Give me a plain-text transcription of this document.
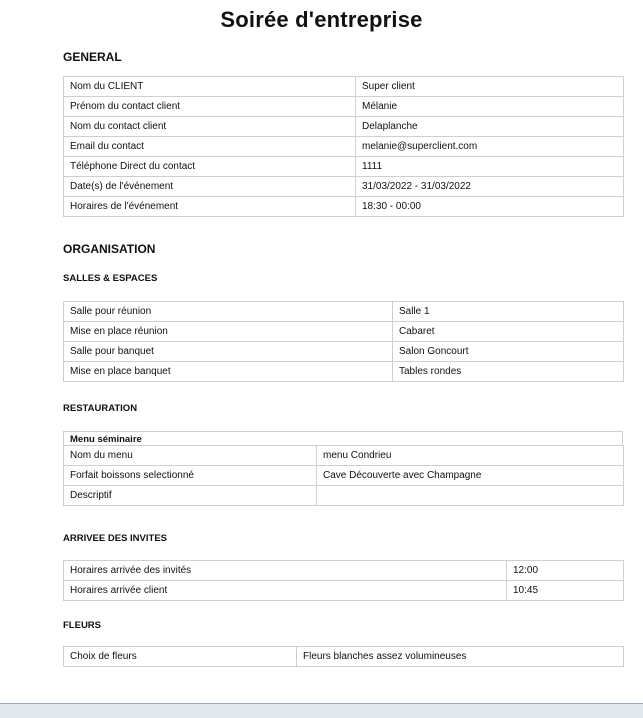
Soirée d'entreprise

GENERAL

Nom du CLIENT	Super client
Prénom du contact client	Mélanie
Nom du contact client	Delaplanche
Email du contact	melanie@superclient.com
Téléphone Direct du contact	1111
Date(s) de l'événement	31/03/2022 - 31/03/2022
Horaires de l'événement	18:30 - 00:00

ORGANISATION

SALLES & ESPACES

Salle pour réunion	Salle 1
Mise en place réunion	Cabaret
Salle pour banquet	Salon Goncourt
Mise en place banquet	Tables rondes

RESTAURATION

Menu séminaire
Nom du menu	menu Condrieu
Forfait boissons selectionné	Cave Découverte avec Champagne
Descriptif	

ARRIVEE DES INVITES

Horaires arrivée des invités	12:00
Horaires arrivée client	10:45

FLEURS

Choix de fleurs	Fleurs blanches assez volumineuses
